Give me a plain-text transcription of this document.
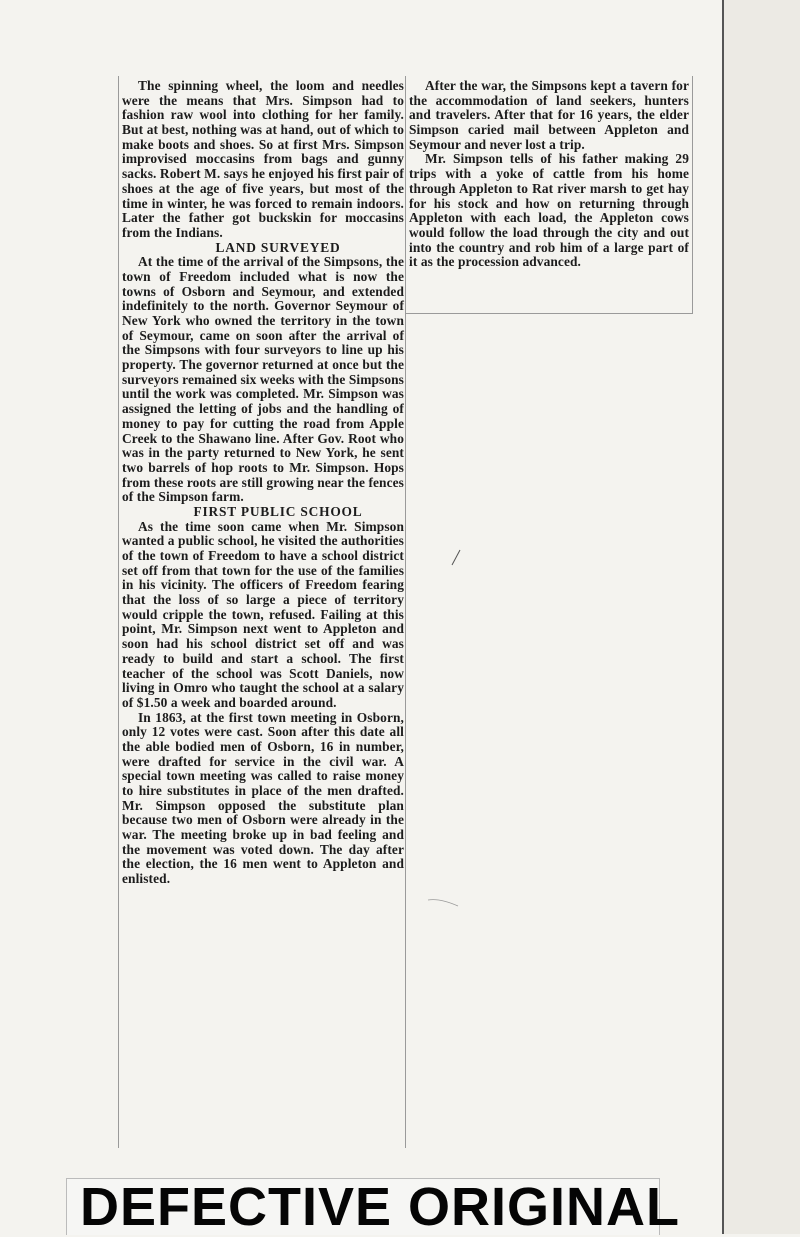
The spinning wheel, the loom and needles were the means that Mrs. Simpson had to fashion raw wool into clothing for her family. But at best, nothing was at hand, out of which to make boots and shoes. So at first Mrs. Simpson improvised moccasins from bags and gunny sacks. Robert M. says he enjoyed his first pair of shoes at the age of five years, but most of the time in winter, he was forced to remain indoors. Later the father got buckskin for moccasins from the Indians.

LAND SURVEYED

At the time of the arrival of the Simpsons, the town of Freedom included what is now the towns of Osborn and Seymour, and extended indefinitely to the north. Governor Seymour of New York who owned the territory in the town of Seymour, came on soon after the arrival of the Simpsons with four surveyors to line up his property. The governor returned at once but the surveyors remained six weeks with the Simpsons until the work was completed. Mr. Simpson was assigned the letting of jobs and the handling of money to pay for cutting the road from Apple Creek to the Shawano line. After Gov. Root who was in the party returned to New York, he sent two barrels of hop roots to Mr. Simpson. Hops from these roots are still growing near the fences of the Simpson farm.

FIRST PUBLIC SCHOOL

As the time soon came when Mr. Simpson wanted a public school, he visited the authorities of the town of Freedom to have a school district set off from that town for the use of the families in his vicinity. The officers of Freedom fearing that the loss of so large a piece of territory would cripple the town, refused. Failing at this point, Mr. Simpson next went to Appleton and soon had his school district set off and was ready to build and start a school. The first teacher of the school was Scott Daniels, now living in Omro who taught the school at a salary of $1.50 a week and boarded around.

In 1863, at the first town meeting in Osborn, only 12 votes were cast. Soon after this date all the able bodied men of Osborn, 16 in number, were drafted for service in the civil war. A special town meeting was called to raise money to hire substitutes in place of the men drafted. Mr. Simpson opposed the substitute plan because two men of Osborn were already in the war. The meeting broke up in bad feeling and the movement was voted down. The day after the election, the 16 men went to Appleton and enlisted.

After the war, the Simpsons kept a tavern for the accommodation of land seekers, hunters and travelers. After that for 16 years, the elder Simpson caried mail between Appleton and Seymour and never lost a trip.

Mr. Simpson tells of his father making 29 trips with a yoke of cattle from his home through Appleton to Rat river marsh to get hay for his stock and how on returning through Appleton with each load, the Appleton cows would follow the load through the city and out into the country and rob him of a large part of it as the procession advanced.

DEFECTIVE ORIGINAL
